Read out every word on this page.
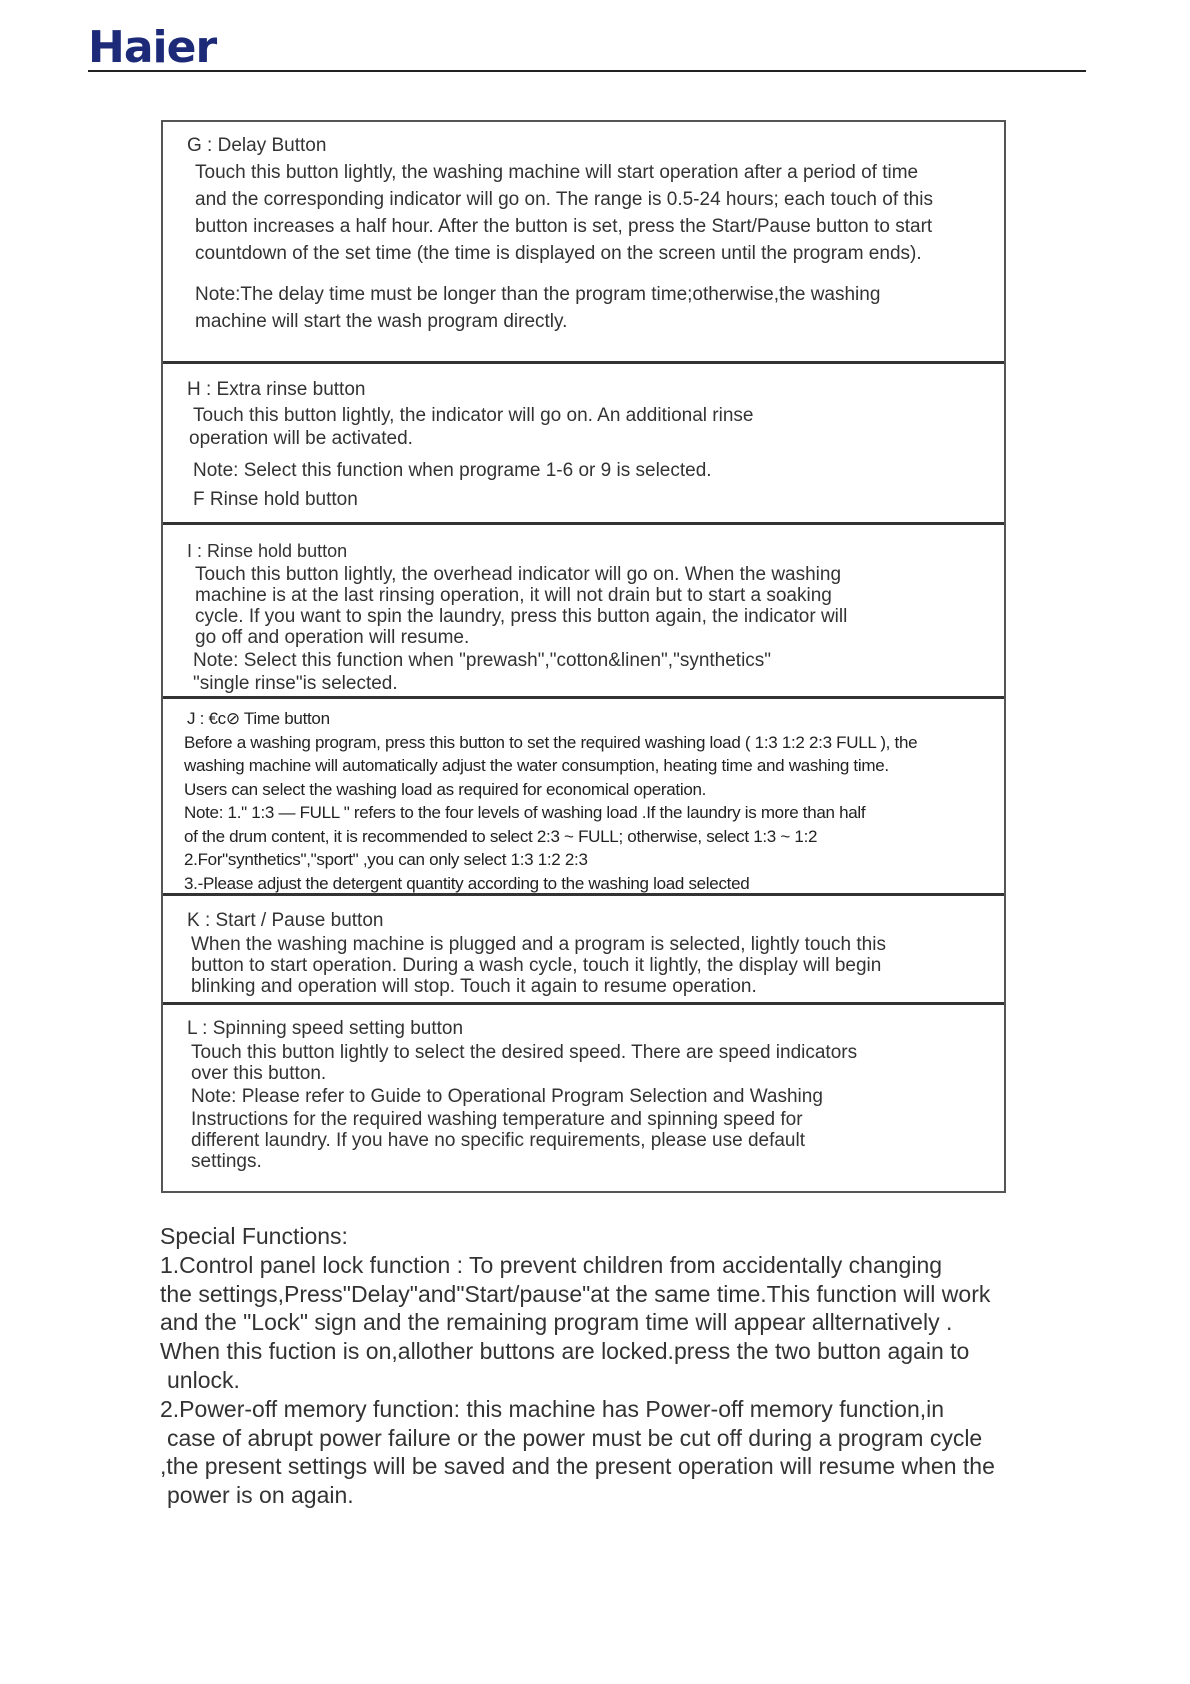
Haier

G : Delay Button

Touch this button lightly, the washing machine will start operation after a period of time

and the corresponding indicator will go on. The range is 0.5-24 hours; each touch of this

button increases a half hour. After the button is set, press the Start/Pause button to start

countdown of the set time (the time is displayed on the screen until the program ends).

Note:The delay time must be longer than the program time;otherwise,the washing

machine will start the wash program directly.

H : Extra rinse button

Touch this button lightly, the indicator will go on. An additional rinse

operation will be activated.

Note: Select this function when programe 1-6 or 9 is selected.

F Rinse hold button

I : Rinse hold button

Touch this button lightly, the overhead indicator will go on. When the washing

machine is at the last rinsing operation, it will not drain but to start a soaking

cycle. If you want to spin the laundry, press this button again, the indicator will

go off and operation will resume.

Note: Select this function when "prewash","cotton&linen","synthetics"

"single rinse"is selected.

J : €c⊘ Time button

Before a washing program, press this button to set the required washing load ( 1:3 1:2 2:3 FULL ), the

washing machine will automatically adjust the water consumption, heating time and washing time.

Users can select the washing load as required for economical operation.

Note: 1." 1:3 — FULL " refers to the four levels of washing load .If the laundry is more than half

of the drum content, it is recommended to select 2:3 ~ FULL; otherwise, select 1:3 ~ 1:2

2.For"synthetics","sport" ,you can only select 1:3 1:2 2:3

3.-Please adjust the detergent quantity according to the washing load selected

K : Start / Pause button

When the washing machine is plugged and a program is selected, lightly touch this

button to start operation. During a wash cycle, touch it lightly, the display will begin

blinking and operation will stop. Touch it again to resume operation.

L : Spinning speed setting button

Touch this button lightly to select the desired speed. There are speed indicators

over this button.

Note: Please refer to Guide to Operational Program Selection and Washing

Instructions for the required washing temperature and spinning speed for

different laundry. If you have no specific requirements, please use default

settings.

Special Functions:

1.Control panel lock function : To prevent children from accidentally changing

the settings,Press"Delay"and"Start/pause"at the same time.This function will work

and the "Lock" sign and the remaining program time will appear allternatively .

When this fuction is on,allother buttons are locked.press the two button again to

unlock.

2.Power-off memory function: this machine has Power-off memory function,in

case of abrupt power failure or the power must be cut off during a program cycle

,the present settings will be saved and the present operation will resume when the

power is on again.
